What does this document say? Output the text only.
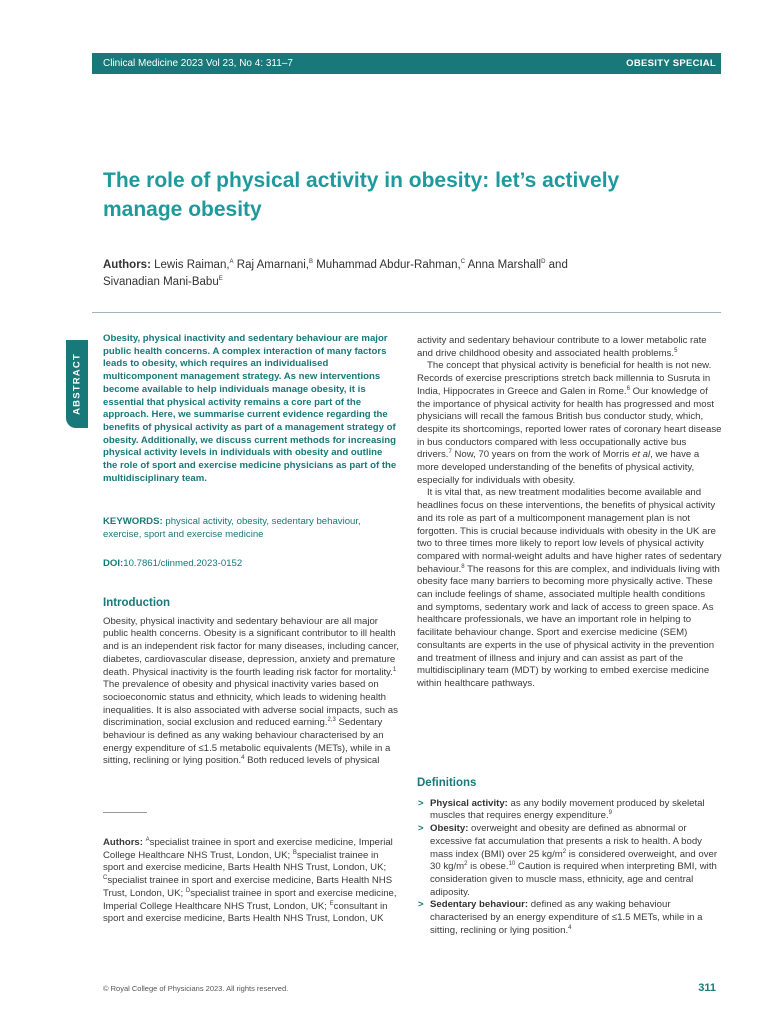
Clinical Medicine 2023 Vol 23, No 4: 311–7	OBESITY SPECIAL
The role of physical activity in obesity: let’s actively manage obesity

Authors: Lewis Raiman,$^A$ Raj Amarnani,$^B$ Muhammad Abdur-Rahman,$^C$ Anna Marshall$^D$ and
Sivanadian Mani-Babu$^E$

ABSTRACT

Obesity, physical inactivity and sedentary behaviour are major public health concerns. A complex interaction of many factors leads to obesity, which requires an individualised multicomponent management strategy. As new interventions become available to help individuals manage obesity, it is essential that physical activity remains a core part of the approach. Here, we summarise current evidence regarding the benefits of physical activity as part of a management strategy of obesity. Additionally, we discuss current methods for increasing physical activity levels in individuals with obesity and outline the role of sport and exercise medicine physicians as part of the multidisciplinary team.

KEYWORDS: physical activity, obesity, sedentary behaviour, exercise, sport and exercise medicine
DOI:10.7861/clinmed.2023-0152
Introduction

Obesity, physical inactivity and sedentary behaviour are all major public health concerns. Obesity is a significant contributor to ill health and is an independent risk factor for many diseases, including cancer, diabetes, cardiovascular disease, depression, anxiety and premature death. Physical inactivity is the fourth leading risk factor for mortality.$^1$ The prevalence of obesity and physical inactivity varies based on socioeconomic status and ethnicity, which leads to widening health inequalities. It is also associated with adverse social impacts, such as discrimination, social exclusion and reduced earning.$^{2,3}$ Sedentary behaviour is defined as any waking behaviour characterised by an energy expenditure of ≤1.5 metabolic equivalents (METs), while in a sitting, reclining or lying position.$^4$ Both reduced levels of physical

Authors: $^A$specialist trainee in sport and exercise medicine, Imperial College Healthcare NHS Trust, London, UK; $^B$specialist trainee in sport and exercise medicine, Barts Health NHS Trust, London, UK; $^C$specialist trainee in sport and exercise medicine, Barts Health NHS Trust, London, UK; $^D$specialist trainee in sport and exercise medicine, Imperial College Healthcare NHS Trust, London, UK; $^E$consultant in sport and exercise medicine, Barts Health NHS Trust, London, UK

activity and sedentary behaviour contribute to a lower metabolic rate and drive childhood obesity and associated health problems.$^5$

The concept that physical activity is beneficial for health is not new. Records of exercise prescriptions stretch back millennia to Susruta in India, Hippocrates in Greece and Galen in Rome.$^6$ Our knowledge of the importance of physical activity for health has progressed and most physicians will recall the famous British bus conductor study, which, despite its shortcomings, reported lower rates of coronary heart disease in bus conductors compared with less occupationally active bus drivers.$^7$ Now, 70 years on from the work of Morris et al, we have a more developed understanding of the benefits of physical activity, especially for individuals with obesity.

It is vital that, as new treatment modalities become available and headlines focus on these interventions, the benefits of physical activity and its role as part of a multicomponent management plan is not forgotten. This is crucial because individuals with obesity in the UK are two to three times more likely to report low levels of physical activity compared with normal-weight adults and have higher rates of sedentary behaviour.$^8$ The reasons for this are complex, and individuals living with obesity face many barriers to becoming more physically active. These can include feelings of shame, associated multiple health conditions and symptoms, sedentary work and lack of access to green space. As healthcare professionals, we have an important role in helping to facilitate behaviour change. Sport and exercise medicine (SEM) consultants are experts in the use of physical activity in the prevention and treatment of illness and injury and can assist as part of the multidisciplinary team (MDT) by working to embed exercise medicine within healthcare pathways.

Definitions
> Physical activity: as any bodily movement produced by skeletal muscles that requires energy expenditure.$^9$
> Obesity: overweight and obesity are defined as abnormal or excessive fat accumulation that presents a risk to health. A body mass index (BMI) over 25 $kg/m^2$ is considered overweight, and over 30 $kg/m^2$ is obese.$^{10}$ Caution is required when interpreting BMI, with consideration given to muscle mass, ethnicity, age and central adiposity.
> Sedentary behaviour: defined as any waking behaviour characterised by an energy expenditure of ≤1.5 METs, while in a sitting, reclining or lying position.$^4$
© Royal College of Physicians 2023. All rights reserved.	311
